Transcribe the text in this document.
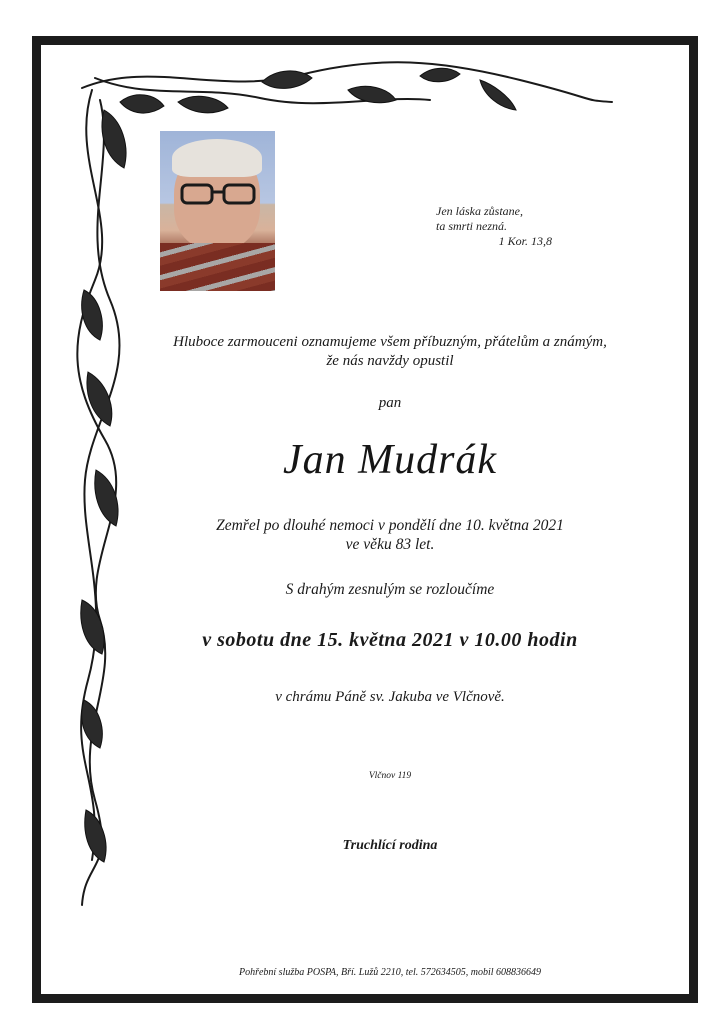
Jen láska zůstane,
ta smrti nezná.
1 Kor. 13,8
Hluboce zarmouceni oznamujeme všem příbuzným, přátelům a známým,
že nás navždy opustil
pan
Jan Mudrák
Zemřel po dlouhé nemoci v pondělí dne 10. května 2021
ve věku 83 let.
S drahým zesnulým se rozloučíme
v sobotu dne 15. května 2021 v 10.00 hodin
v chrámu Páně sv. Jakuba ve Vlčnově.
Vlčnov 119
Truchlící rodina
Pohřební služba POSPA, Bří. Lužů 2210, tel. 572634505, mobil 608836649
